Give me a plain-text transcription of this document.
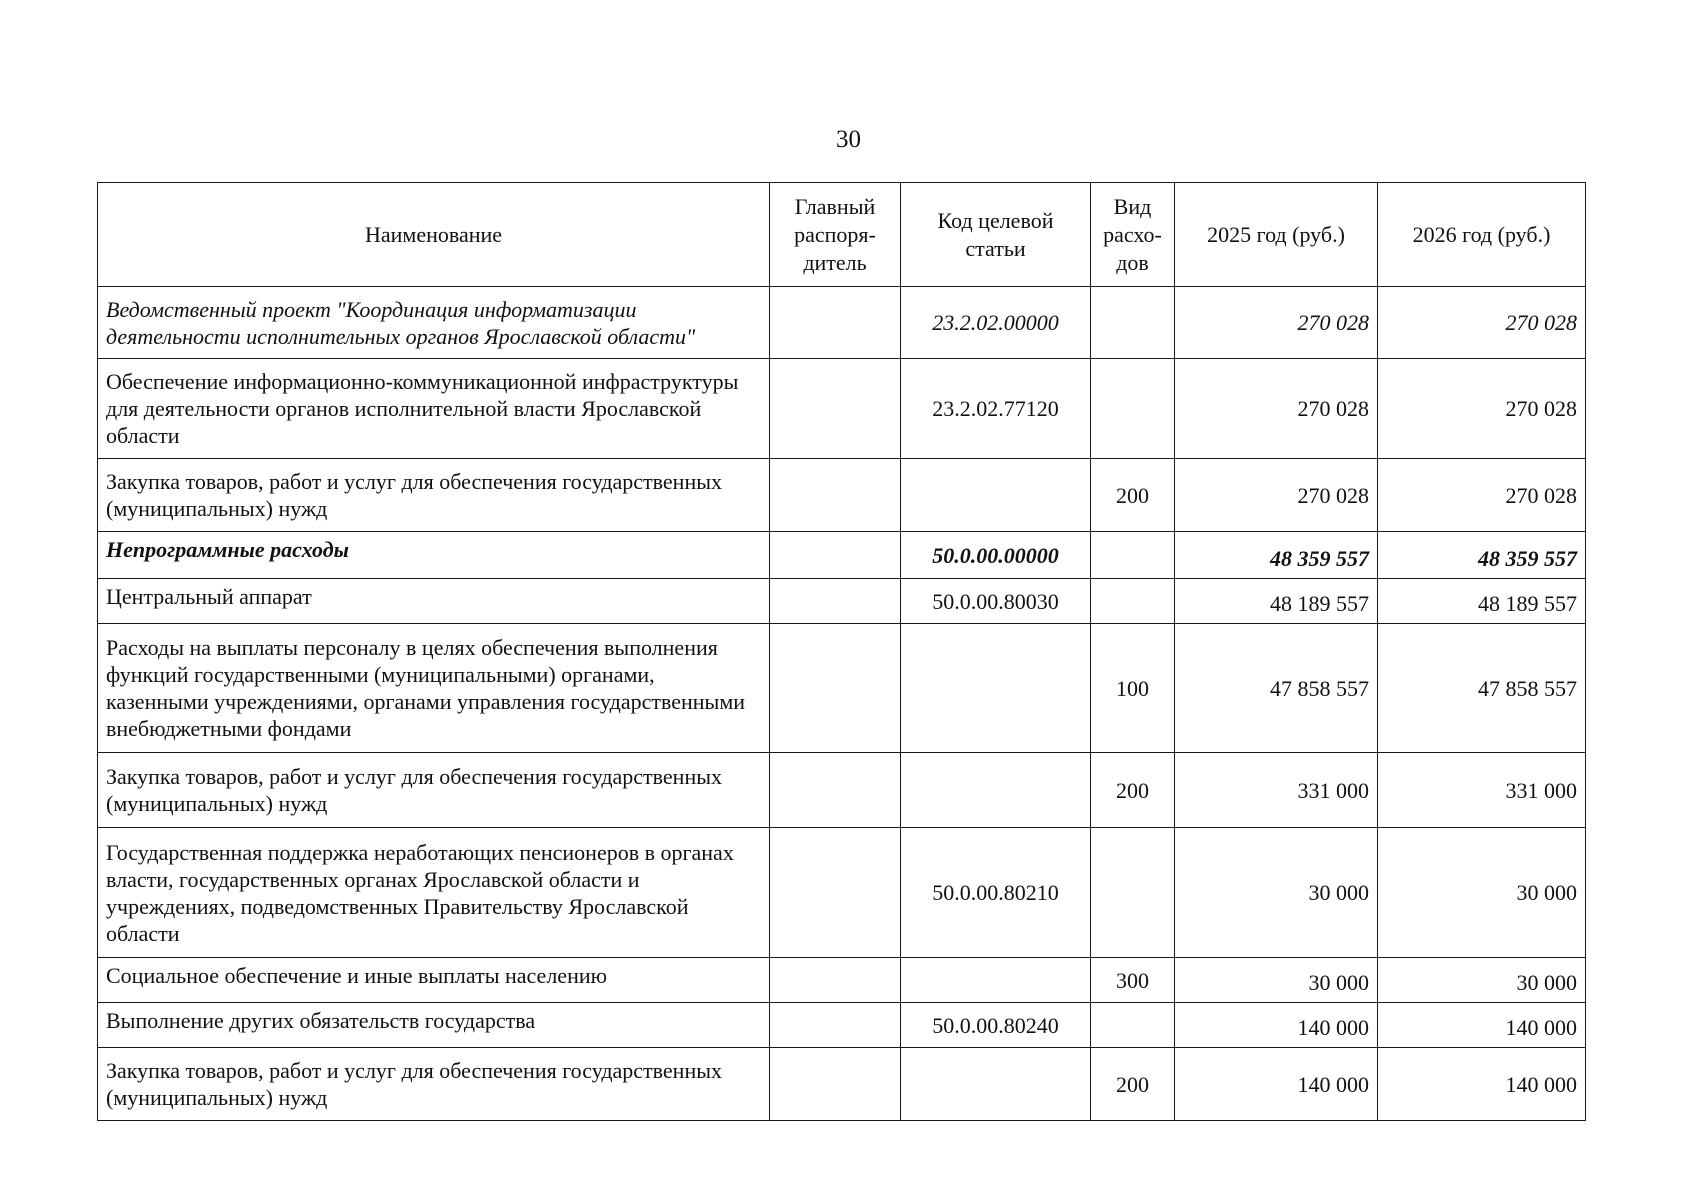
30
Наименование	Главный распоря-дитель	Код целевой статьи	Вид расхо-дов	2025 год (руб.)	2026 год (руб.)
Ведомственный проект "Координация информатизации деятельности исполнительных органов Ярославской области"		23.2.02.00000		270 028	270 028
Обеспечение информационно-коммуникационной инфраструктуры для деятельности органов исполнительной власти Ярославской области		23.2.02.77120		270 028	270 028
Закупка товаров, работ и услуг для обеспечения государственных (муниципальных) нужд			200	270 028	270 028
Непрограммные расходы		50.0.00.00000		48 359 557	48 359 557
Центральный аппарат		50.0.00.80030		48 189 557	48 189 557
Расходы на выплаты персоналу в целях обеспечения выполнения функций государственными (муниципальными) органами, казенными учреждениями, органами управления государственными внебюджетными фондами			100	47 858 557	47 858 557
Закупка товаров, работ и услуг для обеспечения государственных (муниципальных) нужд			200	331 000	331 000
Государственная поддержка неработающих пенсионеров в органах власти, государственных органах Ярославской области и учреждениях, подведомственных Правительству Ярославской области		50.0.00.80210		30 000	30 000
Социальное обеспечение и иные выплаты населению			300	30 000	30 000
Выполнение других обязательств государства		50.0.00.80240		140 000	140 000
Закупка товаров, работ и услуг для обеспечения государственных (муниципальных) нужд			200	140 000	140 000
